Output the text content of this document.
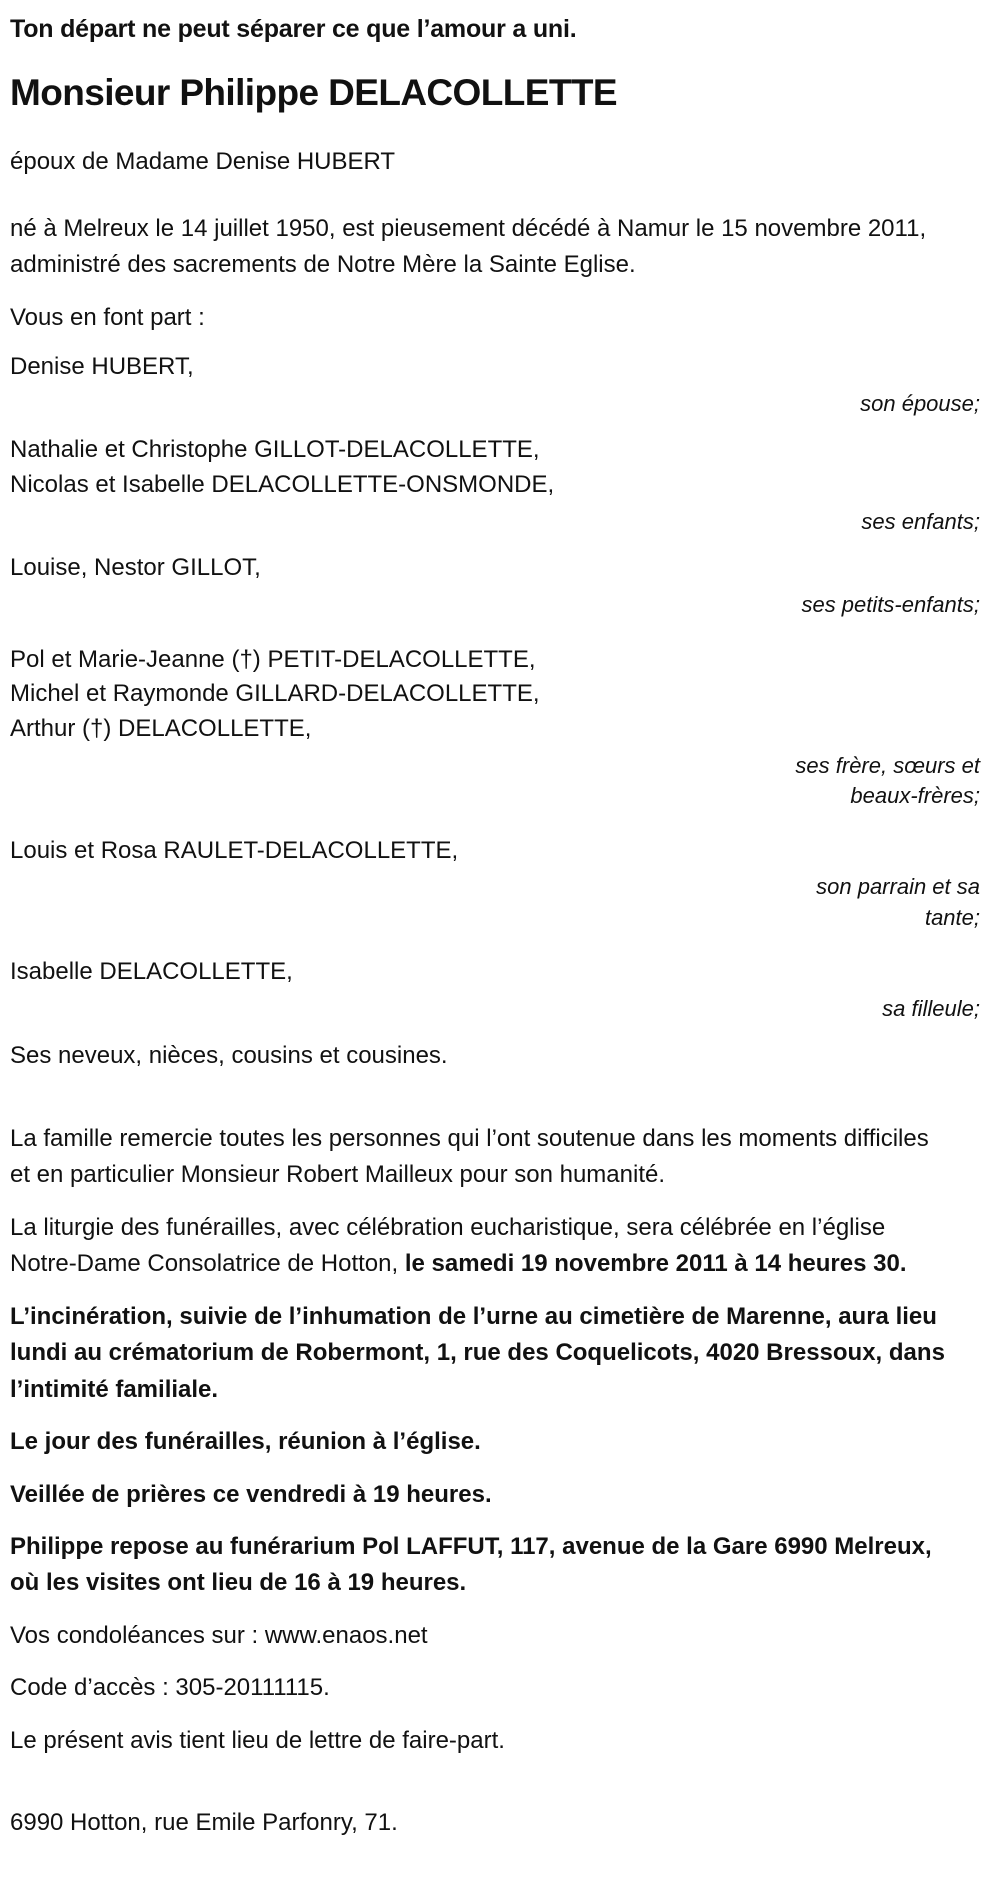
Ton départ ne peut séparer ce que l’amour a uni.

Monsieur Philippe DELACOLLETTE

époux de Madame Denise HUBERT

né à Melreux le 14 juillet 1950, est pieusement décédé à Namur le 15 novembre 2011, administré des sacrements de Notre Mère la Sainte Eglise.

Vous en font part :

Denise HUBERT,
son épouse;
Nathalie et Christophe GILLOT-DELACOLLETTE,
Nicolas et Isabelle DELACOLLETTE-ONSMONDE,
ses enfants;
Louise, Nestor GILLOT,
ses petits-enfants;
Pol et Marie-Jeanne (†) PETIT-DELACOLLETTE,
Michel et Raymonde GILLARD-DELACOLLETTE,
Arthur (†) DELACOLLETTE,
ses frère, sœurs et
beaux-frères;
Louis et Rosa RAULET-DELACOLLETTE,
son parrain et sa
tante;
Isabelle DELACOLLETTE,
sa filleule;

Ses neveux, nièces, cousins et cousines.

La famille remercie toutes les personnes qui l’ont soutenue dans les moments difficiles et en particulier Monsieur Robert Mailleux pour son humanité.

La liturgie des funérailles, avec célébration eucharistique, sera célébrée en l’église Notre-Dame Consolatrice de Hotton, le samedi 19 novembre 2011 à 14 heures 30.

L’incinération, suivie de l’inhumation de l’urne au cimetière de Marenne, aura lieu lundi au crématorium de Robermont, 1, rue des Coquelicots, 4020 Bressoux, dans l’intimité familiale.

Le jour des funérailles, réunion à l’église.

Veillée de prières ce vendredi à 19 heures.

Philippe repose au funérarium Pol LAFFUT, 117, avenue de la Gare 6990 Melreux, où les visites ont lieu de 16 à 19 heures.

Vos condoléances sur : www.enaos.net

Code d’accès : 305-20111115.

Le présent avis tient lieu de lettre de faire-part.

6990 Hotton, rue Emile Parfonry, 71.
